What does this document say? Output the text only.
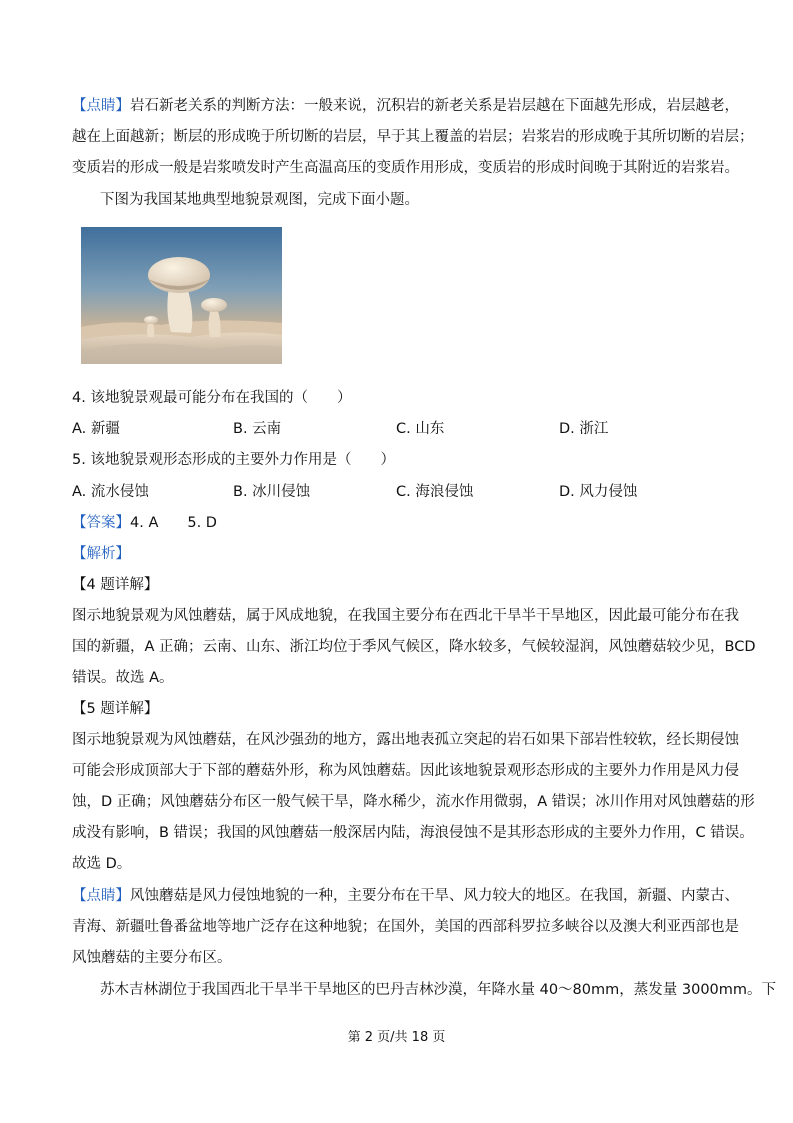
【点睛】岩石新老关系的判断方法：一般来说，沉积岩的新老关系是岩层越在下面越先形成，岩层越老，
越在上面越新；断层的形成晚于所切断的岩层，早于其上覆盖的岩层；岩浆岩的形成晚于其所切断的岩层；
变质岩的形成一般是岩浆喷发时产生高温高压的变质作用形成，变质岩的形成时间晚于其附近的岩浆岩。
下图为我国某地典型地貌景观图，完成下面小题。
4. 该地貌景观最可能分布在我国的（　　）
A. 新疆	B. 云南	C. 山东	D. 浙江
5. 该地貌景观形态形成的主要外力作用是（　　）
A. 流水侵蚀	B. 冰川侵蚀	C. 海浪侵蚀	D. 风力侵蚀
【答案】4. A　　5. D
【解析】
【4 题详解】
图示地貌景观为风蚀蘑菇，属于风成地貌，在我国主要分布在西北干旱半干旱地区，因此最可能分布在我
国的新疆，A 正确；云南、山东、浙江均位于季风气候区，降水较多，气候较湿润，风蚀蘑菇较少见，BCD
错误。故选 A。
【5 题详解】
图示地貌景观为风蚀蘑菇，在风沙强劲的地方，露出地表孤立突起的岩石如果下部岩性较软，经长期侵蚀
可能会形成顶部大于下部的蘑菇外形，称为风蚀蘑菇。因此该地貌景观形态形成的主要外力作用是风力侵
蚀，D 正确；风蚀蘑菇分布区一般气候干旱，降水稀少，流水作用微弱，A 错误；冰川作用对风蚀蘑菇的形
成没有影响，B 错误；我国的风蚀蘑菇一般深居内陆，海浪侵蚀不是其形态形成的主要外力作用，C 错误。
故选 D。
【点睛】风蚀蘑菇是风力侵蚀地貌的一种，主要分布在干旱、风力较大的地区。在我国，新疆、内蒙古、
青海、新疆吐鲁番盆地等地广泛存在这种地貌；在国外，美国的西部科罗拉多峡谷以及澳大利亚西部也是
风蚀蘑菇的主要分布区。
苏木吉林湖位于我国西北干旱半干旱地区的巴丹吉林沙漠，年降水量 40～80mm，蒸发量 3000mm。下
第 2 页/共 18 页
